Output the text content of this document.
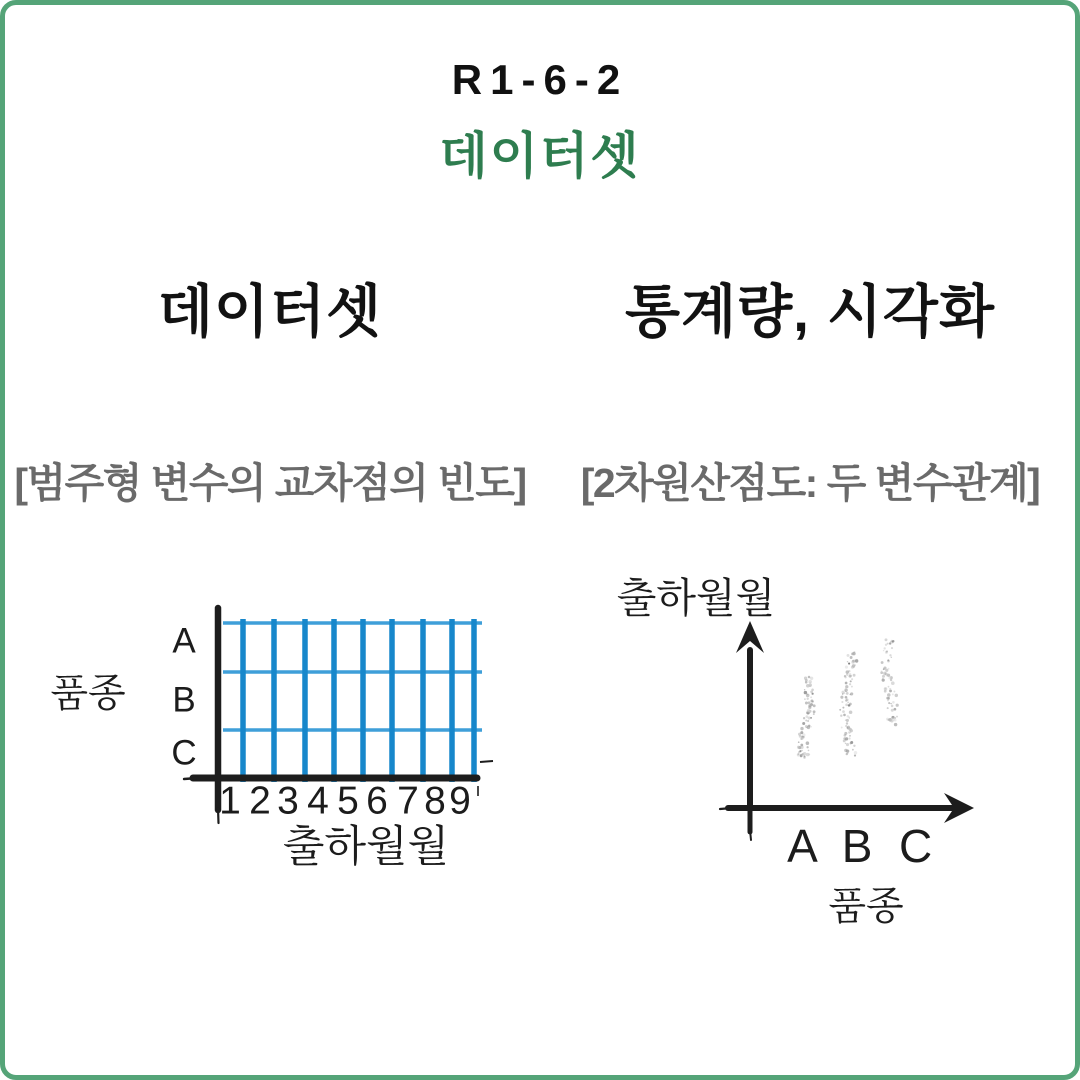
R1-6-2
데이터셋
데이터셋	통계량, 시각화
[범주형 변수의 교차점의 빈도]	[2차원산점도: 두 변수관계]
A
B
C
1 2 3 4 5 6 7 8 9
품종
출하월월
출하월월
A B C
품종
